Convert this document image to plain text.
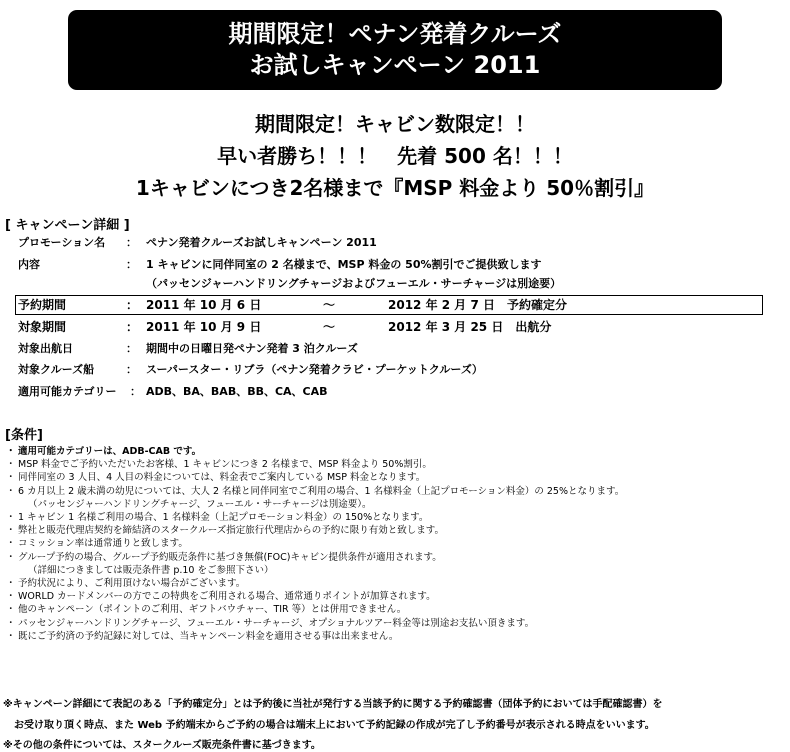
期間限定！ペナン発着クルーズ
お試しキャンペーン 2011
期間限定！キャビン数限定！！
早い者勝ち！！！　先着 500 名！！！
1キャビンにつき2名様まで『MSP 料金より 50％割引』
[ キャンペーン詳細 ]
プロモーション名 ： ペナン発着クルーズお試しキャンペーン 2011
内容	： 1 キャビンに同伴同室の 2 名様まで、MSP 料金の 50%割引でご提供致します
（パッセンジャーハンドリングチャージおよびフューエル・サーチャージは別途要）
予約期間	： 2011 年 10 月 6 日	～	2012 年 2 月 7 日　予約確定分
対象期間	： 2011 年 10 月 9 日	～	2012 年 3 月 25 日　出航分
対象出航日	： 期間中の日曜日発ペナン発着 3 泊クルーズ
対象クルーズ船	： スーパースター・リブラ（ペナン発着クラビ・プーケットクルーズ）
適用可能カテゴリー ： ADB、BA、BAB、BB、CA、CAB
[条件]
・ 適用可能カテゴリーは、ADB-CAB です。
・ MSP 料金でご予約いただいたお客様、1 キャビンにつき 2 名様まで、MSP 料金より 50%割引。
・ 同伴同室の 3 人目、4 人目の料金については、料金表でご案内している MSP 料金となります。
・ 6 カ月以上 2 歳未満の幼児については、大人 2 名様と同伴同室でご利用の場合、1 名様料金（上記プロモーション料金）の 25%となります。
（パッセンジャーハンドリングチャージ、フューエル・サーチャージは別途要）。
・ 1 キャビン 1 名様ご利用の場合、1 名様料金（上記プロモーション料金）の 150%となります。
・ 弊社と販売代理店契約を締結済のスタークルーズ指定旅行代理店からの予約に限り有効と致します。
・ コミッション率は通常通りと致します。
・ グループ予約の場合、グループ予約販売条件に基づき無償(FOC)キャビン提供条件が適用されます。
（詳細につきましては販売条件書 p.10 をご参照下さい）
・ 予約状況により、ご利用頂けない場合がございます。
・ WORLD カードメンバーの方でこの特典をご利用される場合、通常通りポイントが加算されます。
・ 他のキャンペーン（ポイントのご利用、ギフトバウチャー、TIR 等）とは併用できません。
・ パッセンジャーハンドリングチャージ、フューエル・サーチャージ、オプショナルツアー料金等は別途お支払い頂きます。
・ 既にご予約済の予約記録に対しては、当キャンペーン料金を適用させる事は出来ません。
※キャンペーン詳細にて表記のある「予約確定分」とは予約後に当社が発行する当該予約に関する予約確認書（団体予約においては手配確認書）を
お受け取り頂く時点、また Web 予約端末からご予約の場合は端末上において予約記録の作成が完了し予約番号が表示される時点をいいます。
※その他の条件については、スタークルーズ販売条件書に基づきます。
